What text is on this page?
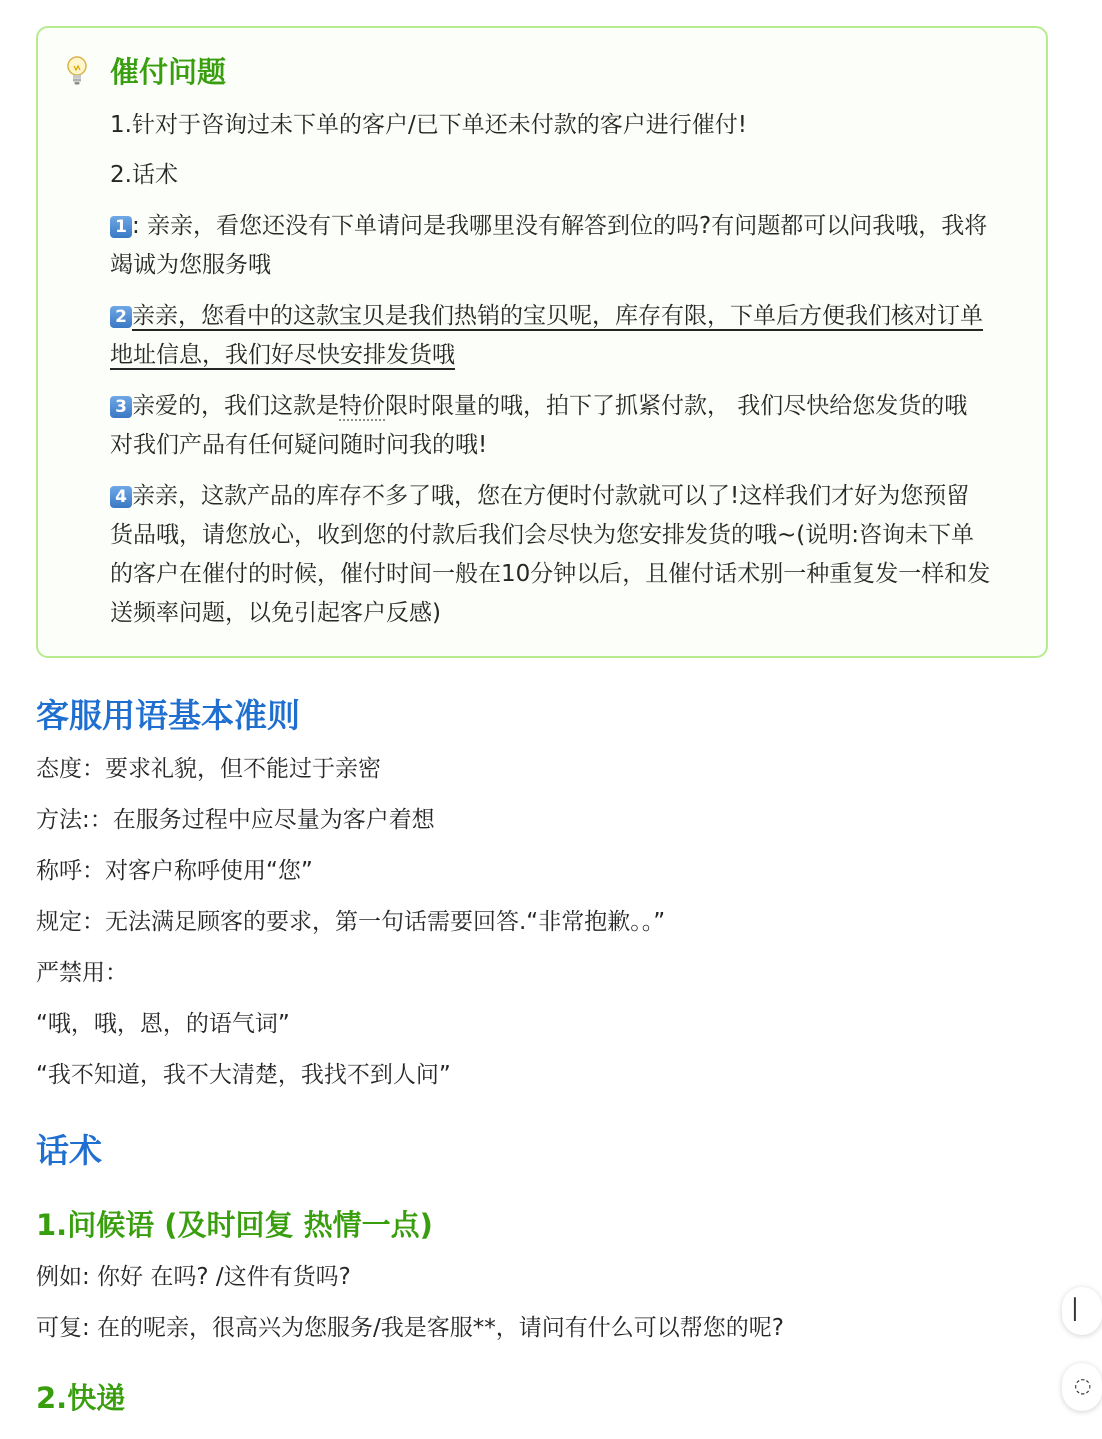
催付问题
1.针对于咨询过未下单的客户/已下单还未付款的客户进行催付!
2.话术
1 : 亲亲，看您还没有下单请问是我哪里没有解答到位的吗?有问题都可以问我哦，我将
竭诚为您服务哦
2 亲亲，您看中的这款宝贝是我们热销的宝贝呢，库存有限，下单后方便我们核对订单
地址信息，我们好尽快安排发货哦
3 亲爱的，我们这款是特价限时限量的哦，拍下了抓紧付款， 我们尽快给您发货的哦
对我们产品有任何疑问随时问我的哦!
4 亲亲，这款产品的库存不多了哦，您在方便时付款就可以了!这样我们才好为您预留
货品哦，请您放心，收到您的付款后我们会尽快为您安排发货的哦~(说明:咨询未下单
的客户在催付的时候，催付时间一般在10分钟以后，且催付话术别一种重复发一样和发
送频率问题，以免引起客户反感)
客服用语基本准则
态度：要求礼貌，但不能过于亲密
方法:：在服务过程中应尽量为客户着想
称呼：对客户称呼使用“您”
规定：无法满足顾客的要求，第一句话需要回答.“非常抱歉。。”
严禁用：
“哦，哦，恩，的语气词”
“我不知道，我不大清楚，我找不到人问”
话术
1.问候语 (及时回复 热情一点)
例如: 你好 在吗? /这件有货吗?
可复: 在的呢亲，很高兴为您服务/我是客服**，请问有什么可以帮您的呢?
2.快递
▏
◌
